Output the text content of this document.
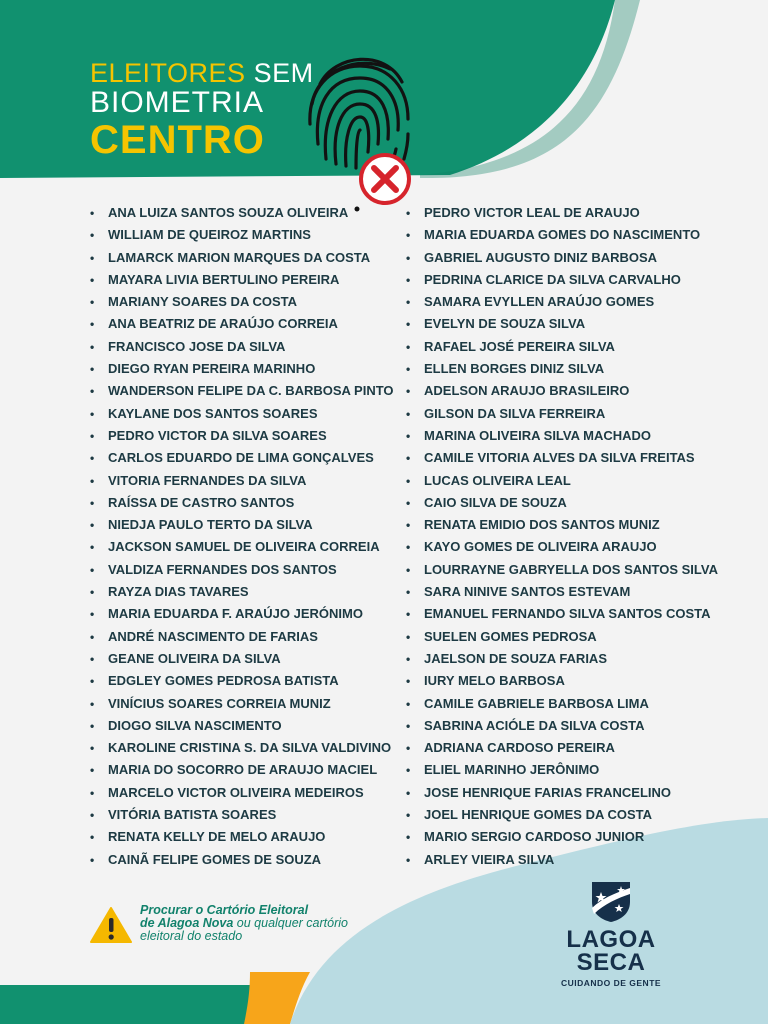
ELEITORES SEM
BIOMETRIA
CENTRO
• ANA LUIZA SANTOS SOUZA OLIVEIRA
• WILLIAM DE QUEIROZ MARTINS
• LAMARCK MARION MARQUES DA COSTA
• MAYARA LIVIA BERTULINO PEREIRA
• MARIANY SOARES DA COSTA
• ANA BEATRIZ DE ARAÚJO CORREIA
• FRANCISCO JOSE DA SILVA
• DIEGO RYAN PEREIRA MARINHO
• WANDERSON FELIPE DA C. BARBOSA PINTO
• KAYLANE DOS SANTOS SOARES
• PEDRO VICTOR DA SILVA SOARES
• CARLOS EDUARDO DE LIMA GONÇALVES
• VITORIA FERNANDES DA SILVA
• RAÍSSA DE CASTRO SANTOS
• NIEDJA PAULO TERTO DA SILVA
• JACKSON SAMUEL DE OLIVEIRA CORREIA
• VALDIZA FERNANDES DOS SANTOS
• RAYZA DIAS TAVARES
• MARIA EDUARDA F. ARAÚJO JERÓNIMO
• ANDRÉ NASCIMENTO DE FARIAS
• GEANE OLIVEIRA DA SILVA
• EDGLEY GOMES PEDROSA BATISTA
• VINÍCIUS SOARES CORREIA MUNIZ
• DIOGO SILVA NASCIMENTO
• KAROLINE CRISTINA S. DA SILVA VALDIVINO
• MARIA DO SOCORRO DE ARAUJO MACIEL
• MARCELO VICTOR OLIVEIRA MEDEIROS
• VITÓRIA BATISTA SOARES
• RENATA KELLY DE MELO ARAUJO
• CAINÃ FELIPE GOMES DE SOUZA
• PEDRO VICTOR LEAL DE ARAUJO
• MARIA EDUARDA GOMES DO NASCIMENTO
• GABRIEL AUGUSTO DINIZ BARBOSA
• PEDRINA CLARICE DA SILVA CARVALHO
• SAMARA EVYLLEN ARAÚJO GOMES
• EVELYN DE SOUZA SILVA
• RAFAEL JOSÉ PEREIRA SILVA
• ELLEN BORGES DINIZ SILVA
• ADELSON ARAUJO BRASILEIRO
• GILSON DA SILVA FERREIRA
• MARINA OLIVEIRA SILVA MACHADO
• CAMILE VITORIA ALVES DA SILVA FREITAS
• LUCAS OLIVEIRA LEAL
• CAIO SILVA DE SOUZA
• RENATA EMIDIO DOS SANTOS MUNIZ
• KAYO GOMES DE OLIVEIRA ARAUJO
• LOURRAYNE GABRYELLA DOS SANTOS SILVA
• SARA NINIVE SANTOS ESTEVAM
• EMANUEL FERNANDO SILVA SANTOS COSTA
• SUELEN GOMES PEDROSA
• JAELSON DE SOUZA FARIAS
• IURY MELO BARBOSA
• CAMILE GABRIELE BARBOSA LIMA
• SABRINA ACIÓLE DA SILVA COSTA
• ADRIANA CARDOSO PEREIRA
• ELIEL MARINHO JERÔNIMO
• JOSE HENRIQUE FARIAS FRANCELINO
• JOEL HENRIQUE GOMES DA COSTA
• MARIO SERGIO CARDOSO JUNIOR
• ARLEY VIEIRA SILVA
Procurar o Cartório Eleitoral
de Alagoa Nova ou qualquer cartório
eleitoral do estado	LAGOA
SECA
CUIDANDO DE GENTE
